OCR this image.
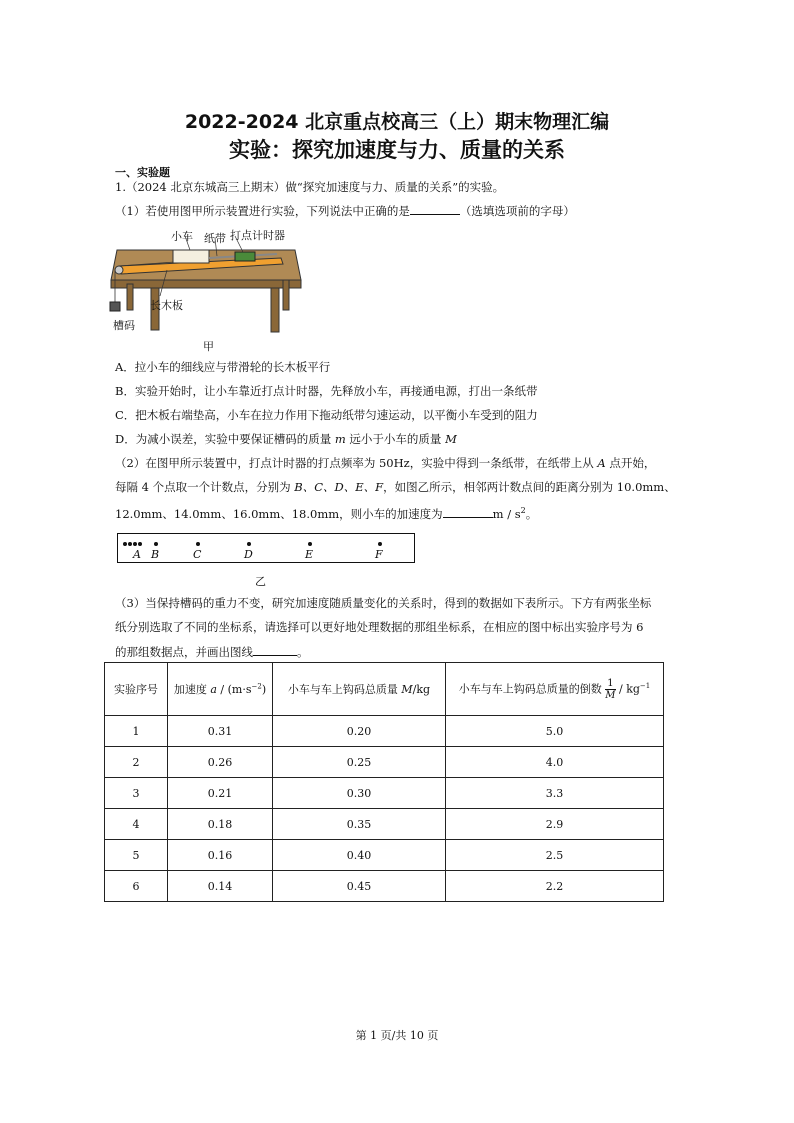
2022-2024 北京重点校高三（上）期末物理汇编
实验：探究加速度与力、质量的关系
一、实验题
1.（2024 北京东城高三上期末）做“探究加速度与力、质量的关系”的实验。
（1）若使用图甲所示装置进行实验，下列说法中正确的是	（选填选项前的字母）
小车 纸带 打点计时器
长木板
槽码
甲
A．拉小车的细线应与带滑轮的长木板平行
B．实验开始时，让小车靠近打点计时器，先释放小车，再接通电源，打出一条纸带
C．把木板右端垫高，小车在拉力作用下拖动纸带匀速运动，以平衡小车受到的阻力
D．为减小误差，实验中要保证槽码的质量 m 远小于小车的质量 M
（2）在图甲所示装置中，打点计时器的打点频率为 50Hz，实验中得到一条纸带，在纸带上从 A 点开始，
每隔 4 个点取一个计数点，分别为 B、C、D、E、F，如图乙所示，相邻两计数点间的距离分别为 10.0mm、
12.0mm、14.0mm、16.0mm、18.0mm，则小车的加速度为	m / $s^2$。
A B	C	D	E	F
乙
（3）当保持槽码的重力不变，研究加速度随质量变化的关系时，得到的数据如下表所示。下方有两张坐标
纸分别选取了不同的坐标系，请选择可以更好地处理数据的那组坐标系，在相应的图中标出实验序号为 6
的那组数据点，并画出图线	。
实验序号	加速度 $a / (m\cdot s^{-2})$	小车与车上钩码总质量 M/kg	小车与车上钩码总质量的倒数 $\frac{1}{M} / kg^{-1}$
1	0.31	0.20	5.0
2	0.26	0.25	4.0
3	0.21	0.30	3.3
4	0.18	0.35	2.9
5	0.16	0.40	2.5
6	0.14	0.45	2.2
第 1 页/共 10 页
